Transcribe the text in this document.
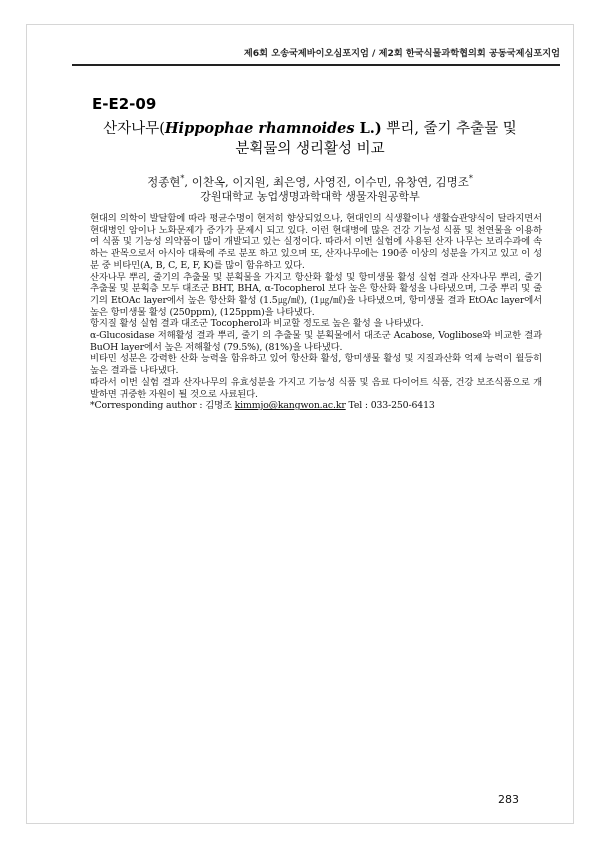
제6회 오송국제바이오심포지엄 / 제2회 한국식물과학협의회 공동국제심포지엄
E-E2-09
산자나무(Hippophae rhamnoides L.) 뿌리, 줄기 추출물 및
분획물의 생리활성 비교
정종현*, 이찬옥, 이지원, 최은영, 사영진, 이수민, 유창연, 김명조*
강원대학교 농업생명과학대학 생물자원공학부

현대의 의학이 발달함에 따라 평균수명이 현저히 향상되었으나, 현대인의 식생활이나 생활습관양식이 달라지면서 현대병인 암이나 노화문제가 증가가 문제시 되고 있다. 이런 현대병에 많은 건강 기능성 식품 및 천연물을 이용하여 식품 및 기능성 의약품이 많이 개발되고 있는 실정이다. 따라서 이번 실험에 사용된 산자 나무는 보리수과에 속하는 관목으로서 아시아 대륙에 주로 분포 하고 있으며 또, 산자나무에는 190종 이상의 성분을 가지고 있고 이 성분 중 비타민(A, B, C, E, F, K)를 많이 함유하고 있다.

산자나무 뿌리, 줄기의 추출물 및 분획물을 가지고 항산화 활성 및 항미생물 활성 실험 결과 산자나무 뿌리, 줄기 추출물 및 분획층 모두 대조군 BHT, BHA, α-Tocopherol 보다 높은 항산화 활성을 나타냈으며, 그중 뿌리 및 줄기의 EtOAc layer에서 높은 항산화 활성 (1.5㎍/㎖), (1㎍/㎖)을 나타냈으며, 항미생물 결과 EtOAc layer에서 높은 항미생물 활성 (250ppm), (125ppm)을 나타냈다.

항지질 활성 실험 결과 대조군 Tocopherol과 비교할 정도로 높은 활성 을 나타냈다.

α-Glucosidase 저해활성 결과 뿌리, 줄기 의 추출물 및 분획물에서 대조군 Acabose, Voglibose와 비교한 결과 BuOH layer에서 높은 저해활성 (79.5%), (81%)을 나타냈다.

비타민 성분은 강력한 산화 능력을 함유하고 있어 항산화 활성, 항미생물 활성 및 지질과산화 억제 능력이 월등히 높은 결과를 나타냈다.

따라서 이번 실험 결과 산자나무의 유효성분을 가지고 기능성 식품 및 음료 다이어트 식품, 건강 보조식품으로 개발하면 귀중한 자원이 될 것으로 사료된다.

*Corresponding author : 김명조 kimmjo@kangwon.ac.kr Tel : 033-250-6413

283
